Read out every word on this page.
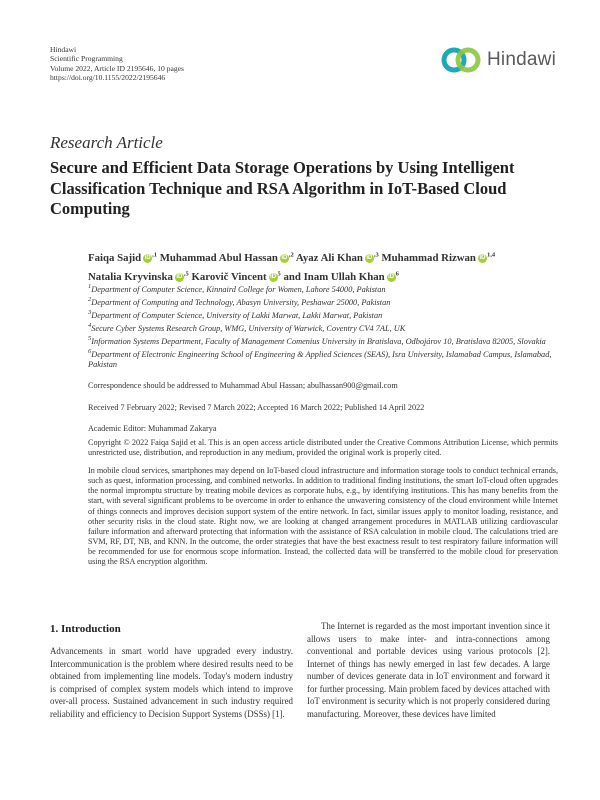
Hindawi
Scientific Programming
Volume 2022, Article ID 2195646, 10 pages
https://doi.org/10.1155/2022/2195646
Hindawi
Research Article
Secure and Efficient Data Storage Operations by Using Intelligent Classification Technique and RSA Algorithm in IoT-Based Cloud Computing
Faiqa Sajid iD $^{,1}$ Muhammad Abul Hassan iD $^{,2}$ Ayaz Ali Khan iD $^{,3}$ Muhammad Rizwan iD $^{1,4}$
Natalia Kryvinska iD $^{,5}$ Karovič Vincent iD $^5$ and Inam Ullah Khan iD $^6$
$^1$Department of Computer Science, Kinnaird College for Women, Lahore 54000, Pakistan
$^2$Department of Computing and Technology, Abasyn University, Peshawar 25000, Pakistan
$^3$Department of Computer Science, University of Lakki Marwat, Lakki Marwat, Pakistan
$^4$Secure Cyber Systems Research Group, WMG, University of Warwick, Coventry CV4 7AL, UK
$^5$Information Systems Department, Faculty of Management Comenius University in Bratislava, Odbojárov 10, Bratislava 82005, Slovakia
$^6$Department of Electronic Engineering School of Engineering & Applied Sciences (SEAS), Isra University, Islamabad Campus, Islamabad, Pakistan
Correspondence should be addressed to Muhammad Abul Hassan; abulhassan900@gmail.com
Received 7 February 2022; Revised 7 March 2022; Accepted 16 March 2022; Published 14 April 2022
Academic Editor: Muhammad Zakarya
Copyright © 2022 Faiqa Sajid et al. This is an open access article distributed under the Creative Commons Attribution License, which permits unrestricted use, distribution, and reproduction in any medium, provided the original work is properly cited.
In mobile cloud services, smartphones may depend on IoT-based cloud infrastructure and information storage tools to conduct technical errands, such as quest, information processing, and combined networks. In addition to traditional finding institutions, the smart IoT-cloud often upgrades the normal impromptu structure by treating mobile devices as corporate hubs, e.g., by identifying institutions. This has many benefits from the start, with several significant problems to be overcome in order to enhance the unwavering consistency of the cloud environment while Internet of things connects and improves decision support system of the entire network. In fact, similar issues apply to monitor loading, resistance, and other security risks in the cloud state. Right now, we are looking at changed arrangement procedures in MATLAB utilizing cardiovascular failure information and afterward protecting that information with the assistance of RSA calculation in mobile cloud. The calculations tried are SVM, RF, DT, NB, and KNN. In the outcome, the order strategies that have the best exactness result to test respiratory failure information will be recommended for use for enormous scope information. Instead, the collected data will be transferred to the mobile cloud for preservation using the RSA encryption algorithm.
1. Introduction
Advancements in smart world have upgraded every industry. Intercommunication is the problem where desired results need to be obtained from implementing line models. Today's modern industry is comprised of complex system models which intend to improve over-all process. Sustained advancement in such industry required reliability and efficiency to Decision Support Systems (DSSs) [1].
The Internet is regarded as the most important invention since it allows users to make inter- and intra-connections among conventional and portable devices using various protocols [2]. Internet of things has newly emerged in last few decades. A large number of devices generate data in IoT environment and forward it for further processing. Main problem faced by devices attached with IoT environment is security which is not properly considered during manufacturing. Moreover, these devices have limited
